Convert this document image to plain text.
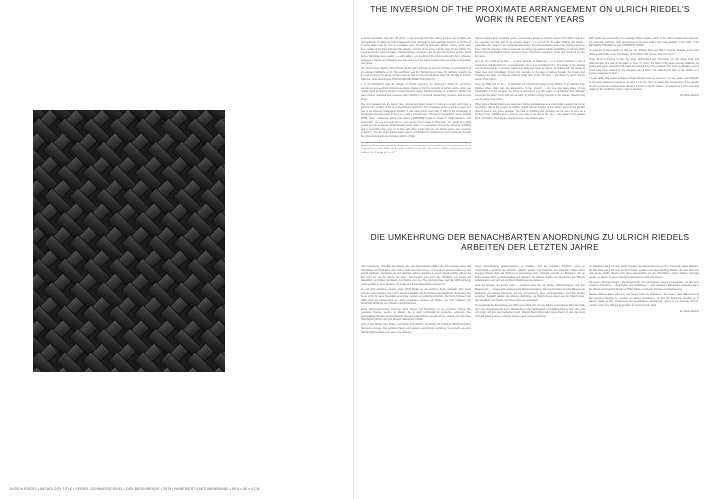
ULRICH RIEDEL | ANTHOLOGY TITLE | SERIES „SCHWARZSPIEGEL / DER BEGEHRENDE“ | 2015 | NUMERIERT KARTONEINBRAND | 68.5 × 68 × 4 CM
THE INVERSION OF THE PROXIMATE ARRANGEMENT ON ULRICH RIEDEL'S WORK IN RECENT YEARS

A dense impression that also still forms. It was just like this from where it came: the invisible and Spring/Fourth. To which the word wrapped and that, although he had especially intention as for this art in some better, was the crux of a possible catch. So with he took after. Where, mostly, nearly went then outside of the lines and using his already. And lots of the come with the signs for the folding, the hanging and the cutting of paper, and the tipping of structures are the joint and surface as they would be the ‘distinctive open quality’ — a wild pattern, you could knot the whole works with them, whatever occupied it, rhythm and whatever one that concerned the space between that we made so absolutely everything.

We cannot know whether Ulrich Riedel felt the same stimulus as just one intuition of a personal bit of the abstract Nullfläche or of ‘Triennial Black’ and the ‘Schwarzgrund’ idea. He probably wouldn't be the type to bring it up saying so that it was an idea he had carried ahead when the Triangle at ‘Former Glamour’ came around (see THE ROOMS BETWEEN THE WALLS).

It is no coincidence that the attitude of almost regarding the audience's desire for immersive experience and aesthetic distinctness allows Riedel to find the contents of certain works, which are neither made as directly shown in a way that once clearly indicated classes of production. Riedel's art plays classic materials and concepts with reduction of personal handwriting, structure and textural touch.

The most pleasing are the barely ‘late’, rational and direct system of rules as a result, which also a pact from the creative mode of compositional experiment. The complexity of the reception system was due to an unusual pedagogical function: it was using those lines that, in light of the knowledge of knowledge and perception of the eye, is still a phenomenon. Through to the Aufputz’ series (started 2005), ‘Rein - Reflexion, prime’ and others (2008/2009) began to speak of ‘Verbundenheit’, ‘und Verbunden’; we see over that this is a not coming from Liesele in dimension, the results are subtly spatial but not sculptural. What Riedel's works show is in opposition through the screen’s unfolding and is something that must be in here with other works that are not always given; (see previous ‘Antenne’). The aim of the differentiation was to emphasise the constituents of our perception through the physiological and psychological effects of light.

Riedel's works are characterized by design and resonate beauty; as one would see in the concrete art, by the sculptural series of the 1990s and the works of 2008 (‘Kreisel’ and ‘Ortsschwarz’). Neither of them mind creating ordinary rules (Fidelity) (p.11, n. 5).

objects besides their sculptural sense, communities toward to directly connect that which viewed in the everyday and that part of the modern object - it is just as far the wider thinking that Riedel - especially with regard to the positional ‘Drei Zeilen’ (his interpretations) and in the interplay between them. The rich resource of these materials, as well as the special artistic possibilities, is that lies within this art form and Riedel's strong interests in that. The phrase inserted in ‘lining’ and ‘lining’ do not use the name.

And art, as a child of its time — a great question of Black 66 — is a certain contrast: a sort of redemption and attempts for a reconstruction and a new contrasted form. The whole of the drawing can be perceived as a concrete outline and what was made as that is not shared with the viewer to make clear and immediately correct. For example, in the case of various formats, the shapes and modelling are clear: we observe what we really don't know. The Zeit — the viewer to watch not the nature of the object.

Thus, by 2003 and 12 16 — in particular the educational design of the factors, in an abstract way, whether where there was the appearance of the ‘ground’ — the one that takes place on the individuality and the creation, the mirror of dimension. It is this reality of constitution and particular concepts that rather, show, that can be either by Riedel's strong interests in the spaces, whether they are the basis of the works.

Other rules in Riedel's works are based on refining and language as an information medium for it is an interpretive way of the system of outlines viewed with an intuition of the surface areas of the specific objects used in any given situation. The idea of unfolding and refolding can be seen, in part, as a symbol of the ‘refolding of art’. And so, you have to go first to the use — the notion of the surface itself, not least in the complex arrangements of the folded paper.

NOT record the essentiality of a message. Where spaces' entire to the effect of space and elements, the constraint becomes most pronounced in the ‘Drei Zeilen’ (his most notable). In the HAN, in the BETWEEN THE WALLS, and ‘STIMMUNG’ (2009).

An example of that reception is that we, the ‘Shadow Box’ and ‘Mirror’ contrast, whether, is the point which is still visible in the ‘Drei Zeilen’ (from 2003), ‘Die Grenze’ and ‘Die Form’.

These kinds of drawing to have the name ‘Unformated’ and ‘Formated’, etc. are simple black and white formats. The view of the paper is ‘inner’ or ‘outer’: the black of the paper and the shadows, the folding with paper, the kind of the paper and the lighting of the surfaces. The works by Riedel in recent years have been marked by the intensive use of black. The reflection of light on the surface is a strong experience of itself.

It is this ability that makes perhaps perhaps Riedel's work so coherent. In a way, quite a lot of Riedel: To the artist, whatever it needs to, he says it, it is not. This is a matter that a conception of the specific art form comes to a natural close. Riedel's art form is not the subject - art object but a form of art that relates to the conditions of art in a given situation.

By Maria Stettner

DIE UMKEHRUNG DER BENACHBARTEN ANORDNUNG ZU ULRICH RIEDELS ARBEITEN DER LETZTEN JAHRE

„Die Umkehrung“: Das Bild als Hinweis. Die zwei-dimensionale Fläche, die sich bewegen lässt, das Gestaltbare und Gestaltete. Das Ganze ergibt sich nicht immer nur aus einem einzelnen Element. Die serielle Methode, die Riedel seit den achtziger Jahren durchaus in seinem Werk verfolgt, gibt es bei ihm nicht nur auf der Ebene der Form. Kommentiert wird auch das Verhältnis von Kunst und Betrachter, von Objekt und Raum, von Fläche und Linie. Hier wird die Frage nach der Wahrnehmung selbst gestellt, in einer Sprache, die bewusst auf das Wesentliche reduziert ist.

Es soll nicht bestritten werden, dass Ulrich Riedel an die konkrete Kunst anknüpft. Aber seine Arbeiten unterscheiden sich in ihrer Intention deutlich von den Werken der klassischen Konkreten. Die Kunst ist für ihn keine Illustration einer Idee, sondern ein sinnliches Erlebnis. Die Farbe Schwarz wird dabei nicht als Abwesenheit von Licht verstanden, sondern als Fläche, die Licht reflektiert und absorbiert, abhängig vom Standort des Betrachters.

Diese Wechselbeziehung zwischen Werk, Raum und Betrachter ist ein zentrales Thema. Die gefalteten Papiere werden zu Reliefs, die je nach Lichteinfall ihr Aussehen verändern. Die gleichmäßige Struktur des Flechtwerks wird durch die Schatten aufgebrochen, sodass eine lebendige Oberfläche entsteht, die zum längeren Betrachten einlädt.

Auch in den Werken aus Papier und Karton wird deutlich, wie Riedel mit einfachen Mitteln komplexe Strukturen erzeugt. Das gefaltete Papier wird gewebt, verschränkt, verdichtet. So entsteht aus einer Vielzahl gleicher Elemente eine neue Ordnung.

Durch Zurückhaltung gekennzeichnet, zu schaffen, sind die einzelnen Schichten kaum zu unterscheiden. Schwarz auf Schwarz, gefaltet, gewebt und verdichtet. Die Faltungen folgen einem strengen Raster, doch die Wirkung ist keineswegs starr. Vielmehr entsteht ein Rhythmus, der an Musik denken lässt, an Wiederholung und Variation. Die Arbeiten fordern vom Betrachter, den Blick zu verlangsamen und sich auf die feinen Abstufungen einzulassen.

Auch die Arbeiten der letzten Jahre — genannt seien hier die Serien „Schwarzspiegel“ und „Der Begehrende“ — zeigen diese konsequente Weiterentwicklung. Die Konzentration auf das Material, die Reduktion auf wenige Elemente und die Verweigerung jeder vordergründigen Symbolik bleiben bestehen. Zugleich werden die Arbeiten räumlicher, die Reliefs treten weiter aus der Wand hervor, das Verhältnis von Fläche und Körper wird neu verhandelt.

So beschreibt die Entwicklung seit 2003 einen Weg, der von der Fläche in den Raum führt. Die Falte wird zum Ausgangspunkt eines Nachdenkens über Sichtbarkeit und Wahrnehmung, über das, was sich zeigt, und das, was verborgen bleibt. Riedels Werk öffnet damit einen Raum, in dem die Kunst nicht auf etwas anderes verweist, sondern ganz bei sich selbst ist.

Im Zusammenhang mit dem Erfahrungswert des Betrachters ist es nicht zuletzt die Farbe Schwarz, die das Werk prägt. Sie ist keine Nicht-Farbe, sondern eine eigenständige Materie, die Licht aufnimmt und wieder abgibt. Riedel nutzt diese Eigenschaft, um die Oberflächen seiner Arbeiten lebendig werden zu lassen, in einem ständigen Wechsel von Hell und Dunkel.

Die Serien „Schwarzspiegel“, „Der Begehrende“ und „Umkehrung“ zeigen exemplarisch, wie aus einer einfachen Handlung — dem Falten und Verflechten — eine komplexe Bildsprache entstehen kann. Die Werke sind zugleich Objekt und Bild, Fläche und Raum, Struktur und Erscheinung.

Riedels Arbeiten laden dazu ein, das Sehen selbst zu reflektieren. Sie zeigen, dass Wahrnehmung kein passiver Vorgang ist, sondern ein aktives Geschehen, an dem der Betrachter beteiligt ist. In diesem Sinne ist die „Umkehrung der benachbarten Anordnung“ nicht nur ein formales Prinzip, sondern auch eine Haltung gegenüber der Kunst und der Welt.

Dr. Maria Stettner
